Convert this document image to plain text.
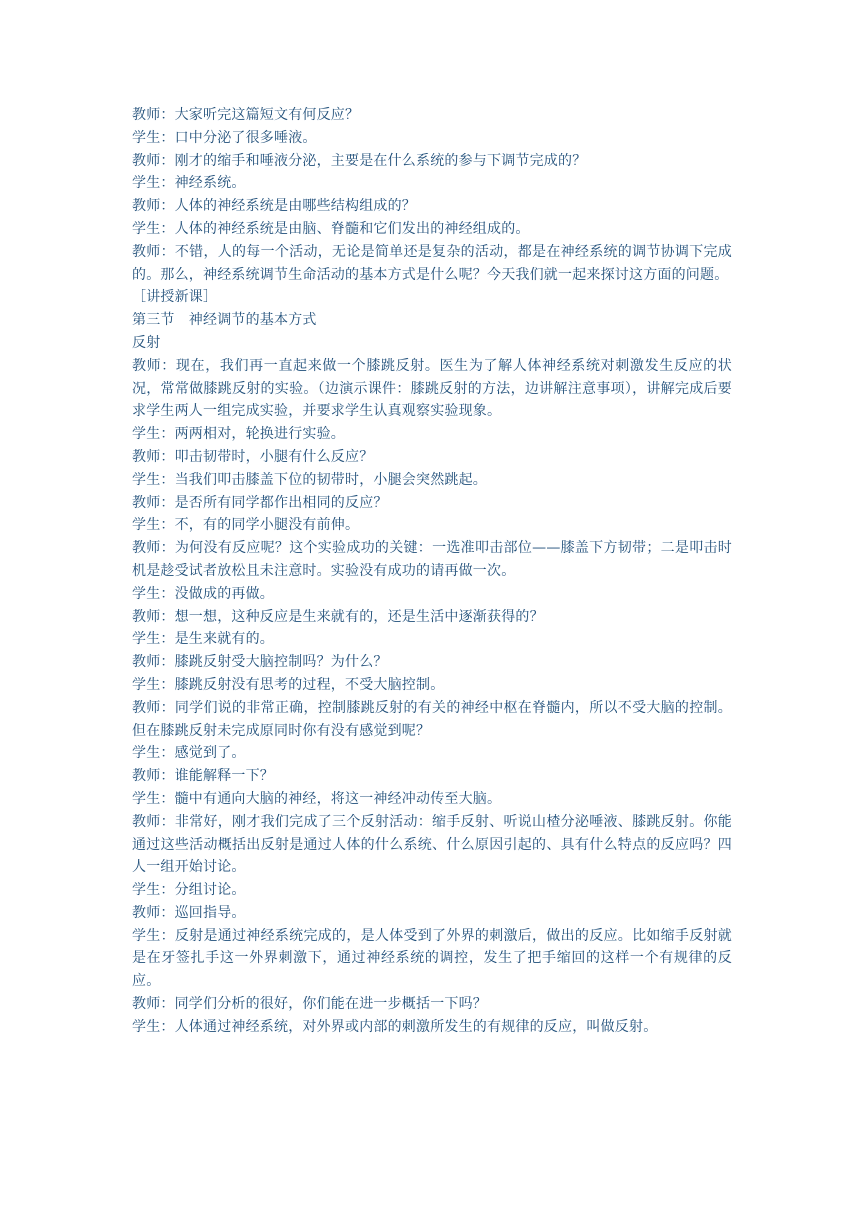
教师：大家听完这篇短文有何反应？

学生：口中分泌了很多唾液。

教师：刚才的缩手和唾液分泌，主要是在什么系统的参与下调节完成的？

学生：神经系统。

教师：人体的神经系统是由哪些结构组成的？

学生：人体的神经系统是由脑、脊髓和它们发出的神经组成的。

教师：不错，人的每一个活动，无论是简单还是复杂的活动，都是在神经系统的调节协调下完成的。那么，神经系统调节生命活动的基本方式是什么呢？今天我们就一起来探讨这方面的问题。

［讲授新课］

第三节　神经调节的基本方式

反射

教师：现在，我们再一直起来做一个膝跳反射。医生为了解人体神经系统对刺激发生反应的状况，常常做膝跳反射的实验。（边演示课件：膝跳反射的方法，边讲解注意事项），讲解完成后要求学生两人一组完成实验，并要求学生认真观察实验现象。

学生：两两相对，轮换进行实验。

教师：叩击韧带时，小腿有什么反应？

学生：当我们叩击膝盖下位的韧带时，小腿会突然跳起。

教师：是否所有同学都作出相同的反应？

学生：不，有的同学小腿没有前伸。

教师：为何没有反应呢？这个实验成功的关键：一选准叩击部位——膝盖下方韧带；二是叩击时机是趁受试者放松且未注意时。实验没有成功的请再做一次。

学生：没做成的再做。

教师：想一想，这种反应是生来就有的，还是生活中逐渐获得的？

学生：是生来就有的。

教师：膝跳反射受大脑控制吗？为什么？

学生：膝跳反射没有思考的过程，不受大脑控制。

教师：同学们说的非常正确，控制膝跳反射的有关的神经中枢在脊髓内，所以不受大脑的控制。但在膝跳反射未完成原同时你有没有感觉到呢？

学生：感觉到了。

教师：谁能解释一下？

学生：髓中有通向大脑的神经，将这一神经冲动传至大脑。

教师：非常好，刚才我们完成了三个反射活动：缩手反射、听说山楂分泌唾液、膝跳反射。你能通过这些活动概括出反射是通过人体的什么系统、什么原因引起的、具有什么特点的反应吗？四人一组开始讨论。

学生：分组讨论。

教师：巡回指导。

学生：反射是通过神经系统完成的，是人体受到了外界的刺激后，做出的反应。比如缩手反射就是在牙签扎手这一外界刺激下，通过神经系统的调控，发生了把手缩回的这样一个有规律的反应。

教师：同学们分析的很好，你们能在进一步概括一下吗？

学生：人体通过神经系统，对外界或内部的刺激所发生的有规律的反应，叫做反射。
